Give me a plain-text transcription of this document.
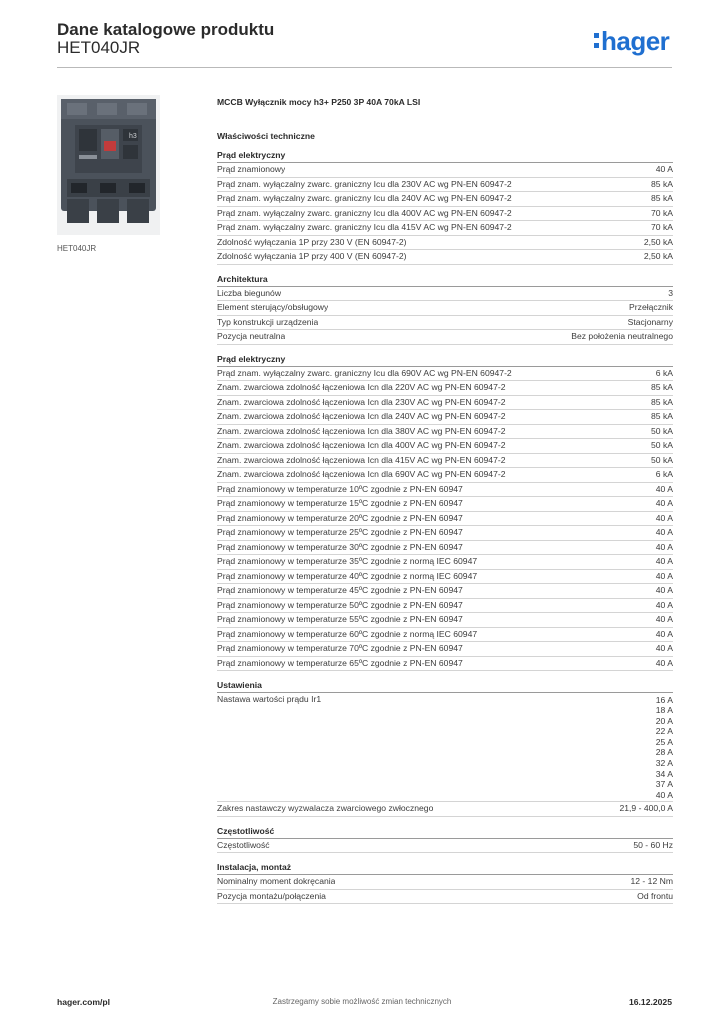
Dane katalogowe produktu
HET040JR	hager
h3
HET040JR
MCCB Wyłącznik mocy h3+ P250 3P 40A 70kA LSI
Właściwości techniczne
Prąd elektryczny
Prąd znamionowy	40 A
Prąd znam. wyłączalny zwarc. graniczny Icu dla 230V AC wg PN-EN 60947-2	85 kA
Prąd znam. wyłączalny zwarc. graniczny Icu dla 240V AC wg PN-EN 60947-2	85 kA
Prąd znam. wyłączalny zwarc. graniczny Icu dla 400V AC wg PN-EN 60947-2	70 kA
Prąd znam. wyłączalny zwarc. graniczny Icu dla 415V AC wg PN-EN 60947-2	70 kA
Zdolność wyłączania 1P przy 230 V (EN 60947-2)	2,50 kA
Zdolność wyłączania 1P przy 400 V (EN 60947-2)	2,50 kA
Architektura
Liczba biegunów	3
Element sterujący/obsługowy	Przełącznik
Typ konstrukcji urządzenia	Stacjonarny
Pozycja neutralna	Bez położenia neutralnego
Prąd elektryczny
Prąd znam. wyłączalny zwarc. graniczny Icu dla 690V AC wg PN-EN 60947-2	6 kA
Znam. zwarciowa zdolność łączeniowa Icn dla 220V AC wg PN-EN 60947-2	85 kA
Znam. zwarciowa zdolność łączeniowa Icn dla 230V AC wg PN-EN 60947-2	85 kA
Znam. zwarciowa zdolność łączeniowa Icn dla 240V AC wg PN-EN 60947-2	85 kA
Znam. zwarciowa zdolność łączeniowa Icn dla 380V AC wg PN-EN 60947-2	50 kA
Znam. zwarciowa zdolność łączeniowa Icn dla 400V AC wg PN-EN 60947-2	50 kA
Znam. zwarciowa zdolność łączeniowa Icn dla 415V AC wg PN-EN 60947-2	50 kA
Znam. zwarciowa zdolność łączeniowa Icn dla 690V AC wg PN-EN 60947-2	6 kA
Prąd znamionowy w temperaturze 10ºC zgodnie z PN-EN 60947	40 A
Prąd znamionowy w temperaturze 15ºC zgodnie z PN-EN 60947	40 A
Prąd znamionowy w temperaturze 20ºC zgodnie z PN-EN 60947	40 A
Prąd znamionowy w temperaturze 25ºC zgodnie z PN-EN 60947	40 A
Prąd znamionowy w temperaturze 30ºC zgodnie z PN-EN 60947	40 A
Prąd znamionowy w temperaturze 35ºC zgodnie z normą IEC 60947	40 A
Prąd znamionowy w temperaturze 40ºC zgodnie z normą IEC 60947	40 A
Prąd znamionowy w temperaturze 45ºC zgodnie z PN-EN 60947	40 A
Prąd znamionowy w temperaturze 50ºC zgodnie z PN-EN 60947	40 A
Prąd znamionowy w temperaturze 55ºC zgodnie z PN-EN 60947	40 A
Prąd znamionowy w temperaturze 60ºC zgodnie z normą IEC 60947	40 A
Prąd znamionowy w temperaturze 70ºC zgodnie z PN-EN 60947	40 A
Prąd znamionowy w temperaturze 65ºC zgodnie z PN-EN 60947	40 A
Ustawienia
Nastawa wartości prądu Ir1	16 A
18 A
20 A
22 A
25 A
28 A
32 A
34 A
37 A
40 A
Zakres nastawczy wyzwalacza zwarciowego zwłocznego	21,9 - 400,0 A
Częstotliwość
Częstotliwość	50 - 60 Hz
Instalacja, montaż
Nominalny moment dokręcania	12 - 12 Nm
Pozycja montażu/połączenia	Od frontu
hager.com/pl	Zastrzegamy sobie możliwość zmian technicznych	16.12.2025
